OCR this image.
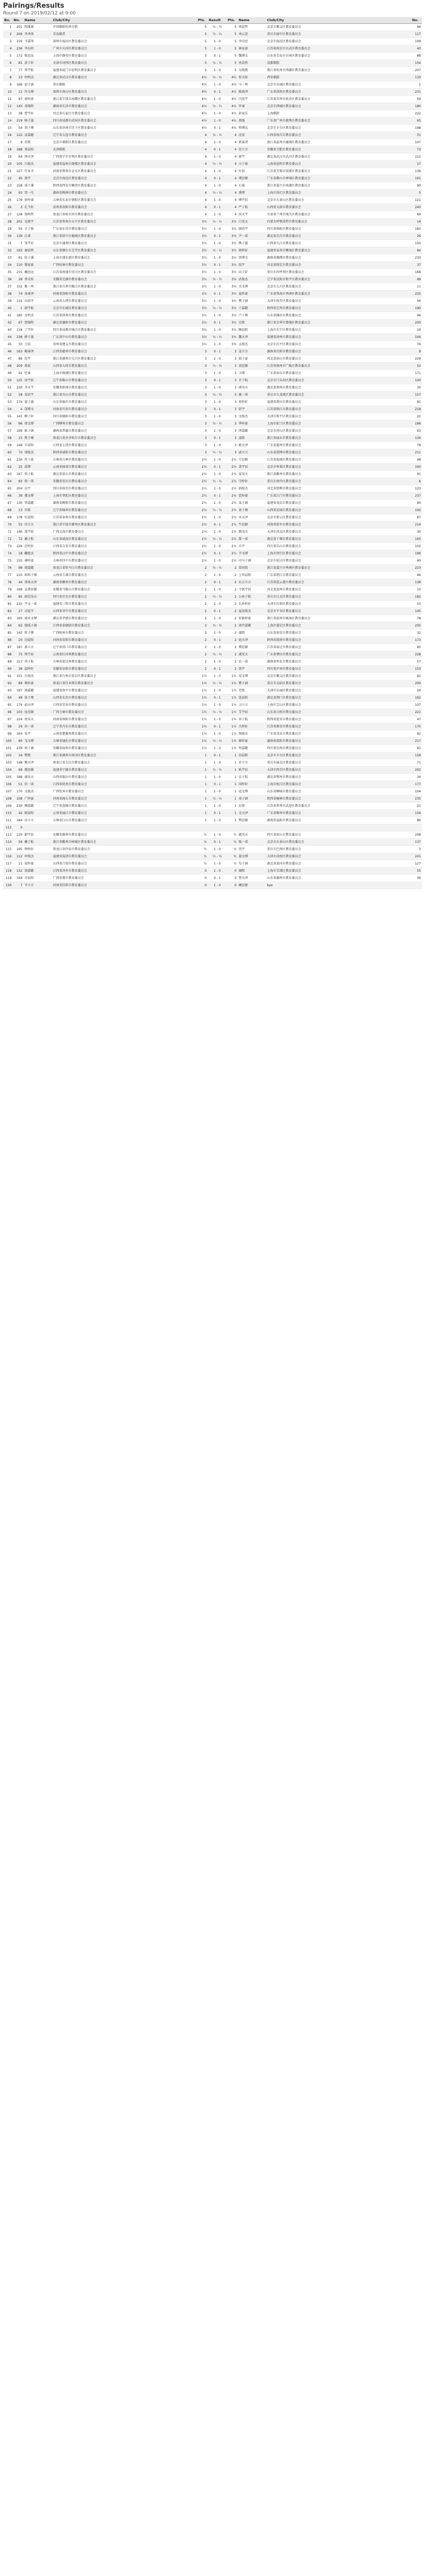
Pairings/Results
Round 7 on 2019/02/12 at 9:00
Bo.	No.	Name	Club/City	Pts.	Result	Pts.	Name	Club/City	No.
1	201	程维康	中国棋院杭州分院	5	½ - ½	5	周恩哲	北京市顺义区教育委员会	94
2	206	李泽基	青岛棋者	5	½ - ½	5	刘云萱	重庆市渝中区教育委员会	117
3	216	韦嘉华	深圳市福田区教育委员会	5	1 - 0	5	李卓思	北京市海淀区教育委员会	109
4	236	李东阳	广州市天河区教育委员会	5	1 - 0	5	林家豪	江苏省南京市玄武区教育委员会	43
5	172	陈思远	上海市静安区教育委员会	5	0 - 1	5	魏博文	山东省青岛市市南区教育委员会	88
6	81	黄子轩	天津市河西区教育委员会	5	½ - ½	5	孙浩然	成都棋院	154
7	77	郑宇航	福建省厦门市思明区教育委员会	5	1 - 0	5	吴俊熙	浙江省杭州市西湖区教育委员会	207
8	23	何明杰	湖北省武汉市教育委员会	4½	½ - ½	4½	张天佑	西安棋院	133
9	166	赵子涵	重庆棋院	4½	1 - 0	4½	马一鸣	北京市东城区教育委员会	2
10	12	许文博	深圳市南山区教育委员会	4½	0 - 1	4½	陈雨泽	广东省深圳市教育委员会	231
11	97	唐梓豪	浙江省宁波市海曙区教育委员会	4½	1 - 0	4½	冯浩宇	江苏省苏州市姑苏区教育委员会	59
12	143	邓锦程	湖南省长沙市教育委员会	4½	½ - ½	4½	罗睿	北京市西城区教育委员会	180
13	38	曹宇轩	河北省石家庄市教育委员会	4½	1 - 0	4½	彭家乐	上海棋院	222
14	219	杨子墨	四川省成都市武侯区教育委员会	4½	1 - 0	4½	萧逸	广东省广州市越秀区教育委员会	65
15	54	胡子骞	山东省济南市历下区教育委员会	4½	0 - 1	4½	程博远	北京市丰台区教育委员会	198
16	122	袁嘉懿	辽宁省大连市教育委员会	4	½ - ½	4	沈浩	江西省南昌市教育委员会	31
17	9	苏铭	北京市朝阳区教育委员会	4	1 - 0	4	蒋睿泽	浙江省温州市鹿城区教育委员会	147
18	188	董晨阳	天津棋院	4	0 - 1	4	范立言	安徽省合肥市教育委员会	73
19	64	钟天泽	广西南宁市青秀区教育委员会	4	1 - 0	4	廖宇	湖北省武汉市武昌区教育委员会	212
20	105	吕俊杰	福建省福州市鼓楼区教育委员会	4	½ - ½	4	汪子豪	云南省昆明市教育委员会	17
21	227	任家齐	河南省郑州市金水区教育委员会	4	1 - 0	4	叶晨	江苏省无锡市梁溪区教育委员会	136
22	45	郭宇	北京市海淀区教育委员会	4	0 - 1	4	谭思源	广东省佛山市禅城区教育委员会	161
23	158	邵子谦	陕西省西安市雁塔区教育委员会	4	1 - 0	4	石睿	浙江省嘉兴市南湖区教育委员会	90
24	93	贺一凡	湖南省株洲市教育委员会	4	½ - ½	4	龚博	上海市徐汇区教育委员会	5
25	176	崔梓睿	吉林省长春市朝阳区教育委员会	4	1 - 0	4	傅宇辰	北京市石景山区教育委员会	121
26	3	孔令轩	贵州省贵阳市教育委员会	4	0 - 1	4	严子航	山西省太原市教育委员会	240
27	128	钱明哲	黑龙江省哈尔滨市教育委员会	4	1 - 0	4	侯天宇	甘肃省兰州市城关区教育委员会	69
28	201	毛俊宇	江苏省常州市天宁区教育委员会	3½	½ - ½	3½	白昊天	内蒙古呼和浩特市教育委员会	14
29	50	方子俊	广东省东莞市教育委员会	3½	1 - 0	3½	康浩宇	四川省绵阳市教育委员会	183
30	139	江睿	浙江省绍兴市越城区教育委员会	3½	0 - 1	3½	尹一诺	湖北省宜昌市教育委员会	26
31	7	邹宇轩	北京市通州区教育委员会	3½	1 - 0	3½	熊子墨	江西省九江市教育委员会	150
32	193	秦浩然	山东省烟台市芝罘区教育委员会	3½	½ - ½	3½	阎梓轩	福建省泉州市鲤城区教育委员会	84
33	61	陆子谦	上海市浦东新区教育委员会	3½	1 - 0	3½	雷博文	湖南省湘潭市教育委员会	233
34	110	黎家豪	广西桂林市教育委员会	3½	0 - 1	3½	段宇	河北省保定市教育委员会	37
35	215	戴思远	江苏省南通市崇川区教育委员会	3½	1 - 0	3½	向子轩	重庆市沙坪坝区教育委员会	168
36	28	常天佑	安徽省芜湖市教育委员会	3½	½ - ½	3½	武俊杰	辽宁省沈阳市和平区教育委员会	99
37	152	姚一鸣	浙江省台州市椒江区教育委员会	3½	1 - 0	3½	余文博	北京市大兴区教育委员会	11
38	74	汤睿泽	河南省洛阳市教育委员会	3½	0 - 1	3½	夏梓豪	广东省珠海市香洲区教育委员会	225
39	131	田浩宇	云南省大理市教育委员会	3½	1 - 0	3½	樊子涵	天津市南开区教育委员会	56
40	1	郝宇航	北京市东城区教育委员会	3½	½ - ½	3½	于嘉懿	陕西省宝鸡市教育委员会	190
41	185	金明杰	江苏省徐州市教育委员会	3½	1 - 0	3½	卢子骞	山东省潍坊市教育委员会	46
42	67	贾锦程	湖北省襄阳市教育委员会	3½	0 - 1	3½	史铭	浙江省金华市婺城区教育委员会	203
43	118	丁宇轩	四川省成都市锦江区教育委员会	3½	1 - 0	3½	顾晨阳	上海市长宁区教育委员会	19
44	238	薛子墨	广东省中山市教育委员会	3½	½ - ½	3½	魏天泽	福建省漳州市教育委员会	144
45	33	万浩	贵州省遵义市教育委员会	3½	1 - 0	3½	孟俊杰	北京市昌平区教育委员会	76
46	163	赖睿泽	江西省赣州市教育委员会	3	0 - 1	3	姜立言	湖南省岳阳市教育委员会	8
47	86	包宇	浙江省湖州市吴兴区教育委员会	3	1 - 0	3	殷子豪	河北省唐山市教育委员会	229
48	209	葛晨	山西省大同市教育委员会	3	½ - ½	3	梁思源	江苏省扬州市广陵区教育委员会	52
49	41	杜睿	上海市杨浦区教育委员会	3	1 - 0	3	卫博	广东省汕头市教育委员会	171
50	125	房宇辰	辽宁省鞍山市教育委员会	3	0 - 1	3	甘子航	北京市门头沟区教育委员会	100
51	220	齐天宇	安徽省蚌埠市教育委员会	3	1 - 0	3	俞昊天	湖北省荆州市教育委员会	35
52	58	莫浩宇	浙江省舟山市教育委员会	3	½ - ½	3	施一诺	重庆市九龙坡区教育委员会	157
53	174	翟子墨	山东省临沂市教育委员会	3	1 - 0	3	祝梓轩	福建省莆田市教育委员会	81
54	4	饶博文	河南省开封市教育委员会	3	0 - 1	3	舒宇	江苏省镇江市教育委员会	218
55	141	柳子轩	四川省德阳市教育委员会	3	1 - 0	3	文俊杰	天津市和平区教育委员会	22
56	96	邢文博	广西柳州市教育委员会	3	½ - ½	3	季梓豪	上海市虹口区教育委员会	186
57	199	耿子涵	湖南省常德市教育委员会	3	1 - 0	3	闵嘉懿	北京市房山区教育委员会	63
58	15	焦子骞	黑龙江省齐齐哈尔市教育委员会	3	0 - 1	3	凌铭	浙江省丽水市教育委员会	134
59	149	车晨阳	江西省上饶市教育委员会	3	1 - 0	3	路天泽	广东省惠州市教育委员会	79
60	70	邬俊杰	陕西省咸阳市教育委员会	3	½ - ½	3	戚立言	山东省淄博市教育委员会	211
61	234	符子豪	吉林省吉林市教育委员会	2½	1 - 0	2½	宁思源	江苏省盐城市教育委员会	48
62	25	邱博	云南省曲靖市教育委员会	2½	0 - 1	2½	裴宇辰	北京市怀柔区教育委员会	160
63	167	詹子航	湖北省黄石市教育委员会	2½	1 - 0	2½	晏昊天	浙江省衢州市教育委员会	91
64	83	简一诺	安徽省安庆市教育委员会	2½	½ - ½	2½	邝梓轩	重庆市南岸区教育委员会	6
65	204	卓宇	四川省南充市教育委员会	2½	1 - 0	2½	骆俊杰	河北省邯郸市教育委员会	123
66	39	虞文博	上海市普陀区教育委员会	2½	0 - 1	2½	霍梓豪	广东省江门市教育委员会	237
67	130	管嘉懿	湖南省衡阳市教育委员会	2½	1 - 0	2½	栾子涵	福建省龙岩市教育委员会	60
68	13	宫铭	辽宁省锦州市教育委员会	2½	½ - ½	2½	景子骞	山西省运城市教育委员会	192
69	178	伍晨阳	江苏省泰州市教育委员会	2½	1 - 0	2½	巫天泽	北京市密云区教育委员会	87
70	55	冉立言	浙江省宁波市鄞州区教育委员会	2½	0 - 1	2½	牛思源	河南省新乡市教育委员会	214
71	146	窦宇辰	广西北海市教育委员会	2½	1 - 0	2½	隋昊天	天津市河北区教育委员会	30
72	72	蔺子航	山东省威海市教育委员会	2½	½ - ½	2½	郜一诺	湖北省十堰市教育委员会	165
73	226	迟梓轩	江西省吉安市教育委员会	2½	1 - 0	2½	岳宇	四川省乐山市教育委员会	102
74	18	鞠俊杰	陕西省汉中市教育委员会	2½	0 - 1	2½	辛文博	上海市闵行区教育委员会	196
75	155	桑梓豪	吉林省四平市教育委员会	2½	1 - 0	2½	司马子涵	北京市延庆区教育委员会	40
76	98	阎嘉懿	黑龙江省牡丹江市教育委员会	2	½ - ½	2	慕容铭	浙江省嘉兴市秀洲区教育委员会	223
77	210	欧阳子骞	云南省玉溪市教育委员会	2	1 - 0	2	上官晨阳	广东省湛江市教育委员会	66
78	44	诸葛天泽	湖南省郴州市教育委员会	2	0 - 1	2	东方立言	江苏省连云港市教育委员会	138
79	169	皇甫思源	安徽省马鞍山市教育委员会	2	1 - 0	2	令狐宇辰	河北省沧州市教育委员会	10
80	85	尉迟昊天	四川省宜宾市教育委员会	2	½ - ½	2	公孙子航	重庆市江北区教育委员会	182
81	232	宇文一诺	福建省三明市教育委员会	2	1 - 0	2	长孙梓轩	天津市红桥区教育委员会	53
82	27	司徒宇	山西省晋中市教育委员会	2	0 - 1	2	夏侯俊杰	北京市平谷区教育委员会	145
83	160	端木文博	湖北省孝感市教育委员会	2	1 - 0	2	轩辕梓豪	浙江省温州市瓯海区教育委员会	78
84	62	独孤子涵	江西省景德镇市教育委员会	2	½ - ½	2	南宫嘉懿	上海市嘉定区教育委员会	205
85	142	欧子骞	广西梧州市教育委员会	2	1 - 0	2	蒲铭	山东省泰安市教育委员会	32
86	20	边晨阳	河南省安阳市教育委员会	2	0 - 1	2	扈天泽	陕西省渭南市教育委员会	173
87	187	燕立言	辽宁省营口市教育委员会	2	1 - 0	2	冀思源	江苏省宿迁市教育委员会	95
88	75	郏宇辰	云南省红河州教育委员会	2	½ - ½	2	浦昊天	广东省肇庆市教育委员会	228
89	213	尚子航	吉林省延边州教育委员会	2	1 - 0	2	农一诺	湖南省怀化市教育委员会	57
90	36	温梓轩	安徽省阜阳市教育委员会	2	0 - 1	2	别宇	四川省泸州市教育委员会	153
91	151	庄俊杰	浙江省台州市黄岩区教育委员会	1½	1 - 0	1½	晏文博	北京市顺义区教育委员会	82
92	89	柴梓豪	黑龙江省佳木斯市教育委员会	1½	½ - ½	1½	瞿子涵	重庆市北碚区教育委员会	200
93	197	阎嘉懿	福建省南平市教育委员会	1½	1 - 0	1½	充铭	天津市东丽区教育委员会	24
94	49	慕子骞	山西省长治市教育委员会	1½	0 - 1	1½	连晨阳	湖北省荆门市教育委员会	162
95	179	茹天泽	江西省宜春市教育委员会	1½	1 - 0	1½	习立言	上海市宝山区教育委员会	107
96	103	宦思源	广西玉林市教育委员会	1½	½ - ½	1½	艾宇辰	山东省日照市教育委员会	221
97	224	鱼昊天	河南省南阳市教育委员会	1½	1 - 0	1½	容子航	陕西省延安市教育委员会	47
98	29	向一诺	辽宁省丹东市教育委员会	1½	0 - 1	1½	古梓轩	江苏省淮安市教育委员会	175
99	164	易宇	云南省楚雄州教育委员会	1½	1 - 0	1½	慎俊杰	广东省茂名市教育委员会	92
100	80	戈文博	吉林省通化市教育委员会	1½	½ - ½	1½	廖梓豪	湖南省邵阳市教育委员会	217
101	239	庾子涵	安徽省宿州市教育委员会	1½	1 - 0	1½	终嘉懿	四川省达州市教育委员会	42
102	16	暨铭	浙江省湖州市南浔区教育委员会	1	0 - 1	1	居晨阳	北京市丰台区教育委员会	159
103	148	衡天泽	黑龙江省大庆市教育委员会	1	1 - 0	1	步立言	重庆市渝北区教育委员会	71
104	68	都思源	福建省宁德市教育委员会	1	½ - ½	1	耿宇辰	天津市西青区教育委员会	202
105	189	满昊天	山西省临汾市教育委员会	1	1 - 0	1	弘子航	湖北省鄂州市教育委员会	34
106	51	匡一诺	江西省抚州市教育委员会	1	0 - 1	1	国梓轩	上海市松江区教育委员会	177
107	170	文俊杰	广西钦州市教育委员会	1	1 - 0	1	寇文博	山东省聊城市教育委员会	104
108	108	广梓豪	河南省商丘市教育委员会	1	½ - ½	1	禄子涵	陕西省榆林市教育委员会	235
109	230	阙嘉懿	辽宁省盘锦市教育委员会	1	1 - 0	1	东铭	江苏省常州市武进区教育委员会	21
110	42	殴晨阳	云南省丽江市教育委员会	1	0 - 1	1	殳天泽	广东省梅州市教育委员会	156
111	184	沃立言	吉林省白山市教育委员会	1	1 - 0	1	利思源	湖南省益阳市教育委员会	86
112	0								
113	120	蔚宇辰	安徽省滁州市教育委员会	½	1 - 0	½	越昊天	四川省眉山市教育委员会	208
114	56	夔子航	浙江省衢州市柯城区教育委员会	½	0 - 1	½	隆一诺	北京市石景山区教育委员会	137
115	195	师梓轩	黑龙江省伊春市教育委员会	½	1 - 0	½	巩宇	重庆市巴南区教育委员会	3
116	112	厍俊杰	福建省福清市教育委员会	½	½ - ½	½	聂文博	天津市津南区教育委员会	241
117	11	晁梓豪	山西省吕梁市教育委员会	½	1 - 0	½	勾子涵	湖北省黄冈市教育委员会	127
118	132	敖嘉懿	江西省萍乡市教育委员会	0	1 - 0	0	融铭	上海市青浦区教育委员会	55
119	194	冷晨阳	广西贵港市教育委员会	0	0 - 1	0	訾天泽	山东省德州市教育委员会	39
120	7	辛立言	河南省信阳市教育委员会	0	1 - 0	0	阚思源	bye	
